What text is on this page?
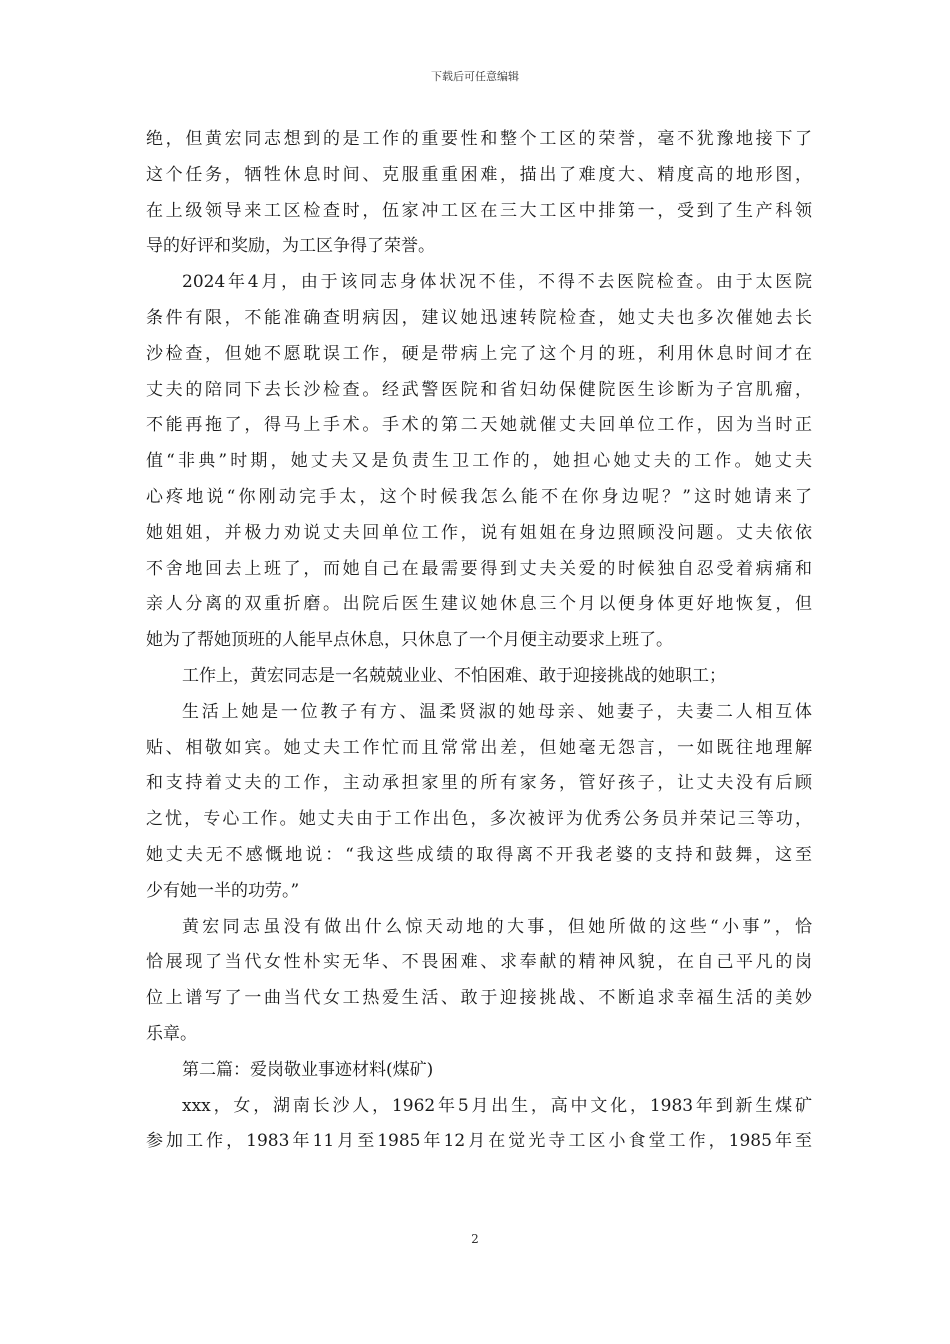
下载后可任意编辑
绝，但黄宏同志想到的是工作的重要性和整个工区的荣誉，毫不犹豫地接下了
这个任务，牺牲休息时间、克服重重困难，描出了难度大、精度高的地形图，
在上级领导来工区检查时，伍家冲工区在三大工区中排第一，受到了生产科领
导的好评和奖励，为工区争得了荣誉。
2024年4月，由于该同志身体状况不佳，不得不去医院检查。由于太医院
条件有限，不能准确查明病因，建议她迅速转院检查，她丈夫也多次催她去长
沙检查，但她不愿耽误工作，硬是带病上完了这个月的班，利用休息时间才在
丈夫的陪同下去长沙检查。经武警医院和省妇幼保健院医生诊断为子宫肌瘤，
不能再拖了，得马上手术。手术的第二天她就催丈夫回单位工作，因为当时正
值“非典”时期，她丈夫又是负责生卫工作的，她担心她丈夫的工作。她丈夫
心疼地说“你刚动完手太，这个时候我怎么能不在你身边呢？”这时她请来了
她姐姐，并极力劝说丈夫回单位工作，说有姐姐在身边照顾没问题。丈夫依依
不舍地回去上班了，而她自己在最需要得到丈夫关爱的时候独自忍受着病痛和
亲人分离的双重折磨。出院后医生建议她休息三个月以便身体更好地恢复，但
她为了帮她顶班的人能早点休息，只休息了一个月便主动要求上班了。
工作上，黄宏同志是一名兢兢业业、不怕困难、敢于迎接挑战的她职工；
生活上她是一位教子有方、温柔贤淑的她母亲、她妻子，夫妻二人相互体
贴、相敬如宾。她丈夫工作忙而且常常出差，但她毫无怨言，一如既往地理解
和支持着丈夫的工作，主动承担家里的所有家务，管好孩子，让丈夫没有后顾
之忧，专心工作。她丈夫由于工作出色，多次被评为优秀公务员并荣记三等功，
她丈夫无不感慨地说：“我这些成绩的取得离不开我老婆的支持和鼓舞，这至
少有她一半的功劳。”
黄宏同志虽没有做出什么惊天动地的大事，但她所做的这些“小事”，恰
恰展现了当代女性朴实无华、不畏困难、求奉献的精神风貌，在自己平凡的岗
位上谱写了一曲当代女工热爱生活、敢于迎接挑战、不断追求幸福生活的美妙
乐章。
第二篇：爱岗敬业事迹材料(煤矿)
xxx，女，湖南长沙人，1962年5月出生，高中文化，1983年到新生煤矿
参加工作，1983年11月至1985年12月在觉光寺工区小食堂工作，1985年至
2
